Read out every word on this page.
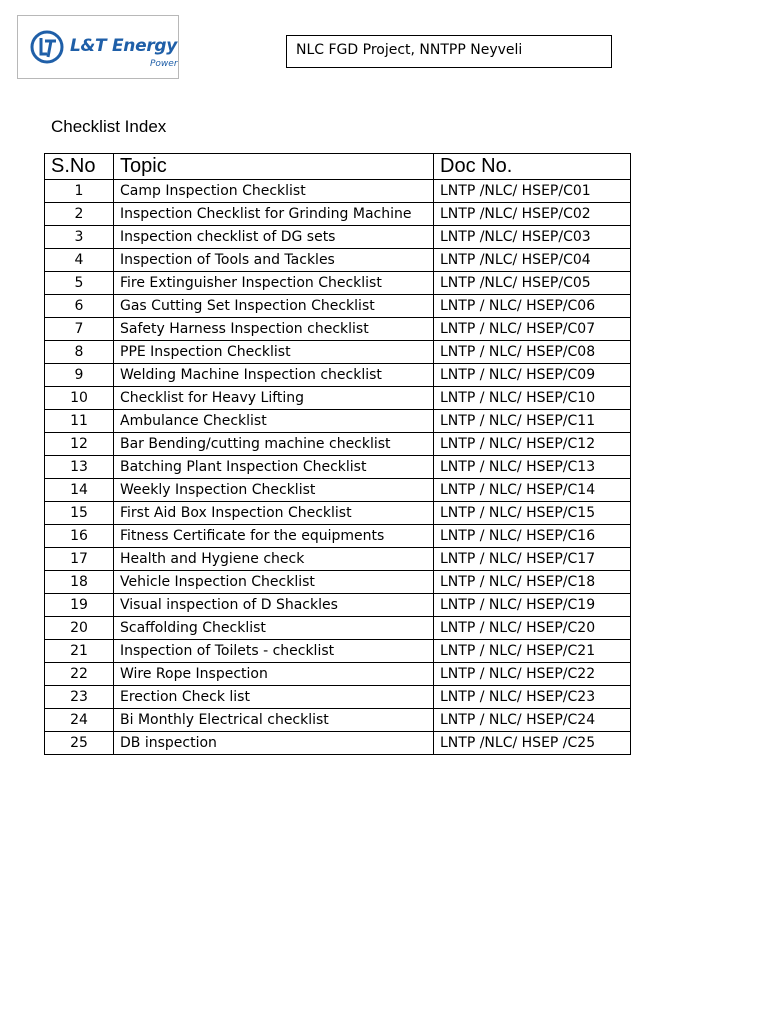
L&T Energy
Power
NLC FGD Project, NNTPP Neyveli
Checklist Index
S.No	Topic	Doc No.
1	Camp Inspection Checklist	LNTP /NLC/ HSEP/C01
2	Inspection Checklist for Grinding Machine	LNTP /NLC/ HSEP/C02
3	Inspection checklist of DG sets	LNTP /NLC/ HSEP/C03
4	Inspection of Tools and Tackles	LNTP /NLC/ HSEP/C04
5	Fire Extinguisher Inspection Checklist	LNTP /NLC/ HSEP/C05
6	Gas Cutting Set Inspection Checklist	LNTP / NLC/ HSEP/C06
7	Safety Harness Inspection checklist	LNTP / NLC/ HSEP/C07
8	PPE Inspection Checklist	LNTP / NLC/ HSEP/C08
9	Welding Machine Inspection checklist	LNTP / NLC/ HSEP/C09
10	Checklist for Heavy Lifting	LNTP / NLC/ HSEP/C10
11	Ambulance Checklist	LNTP / NLC/ HSEP/C11
12	Bar Bending/cutting machine checklist	LNTP / NLC/ HSEP/C12
13	Batching Plant Inspection Checklist	LNTP / NLC/ HSEP/C13
14	Weekly Inspection Checklist	LNTP / NLC/ HSEP/C14
15	First Aid Box Inspection Checklist	LNTP / NLC/ HSEP/C15
16	Fitness Certificate for the equipments	LNTP / NLC/ HSEP/C16
17	Health and Hygiene check	LNTP / NLC/ HSEP/C17
18	Vehicle Inspection Checklist	LNTP / NLC/ HSEP/C18
19	Visual inspection of D Shackles	LNTP / NLC/ HSEP/C19
20	Scaffolding Checklist	LNTP / NLC/ HSEP/C20
21	Inspection of Toilets - checklist	LNTP / NLC/ HSEP/C21
22	Wire Rope Inspection	LNTP / NLC/ HSEP/C22
23	Erection Check list	LNTP / NLC/ HSEP/C23
24	Bi Monthly Electrical checklist	LNTP / NLC/ HSEP/C24
25	DB inspection	LNTP /NLC/ HSEP /C25
